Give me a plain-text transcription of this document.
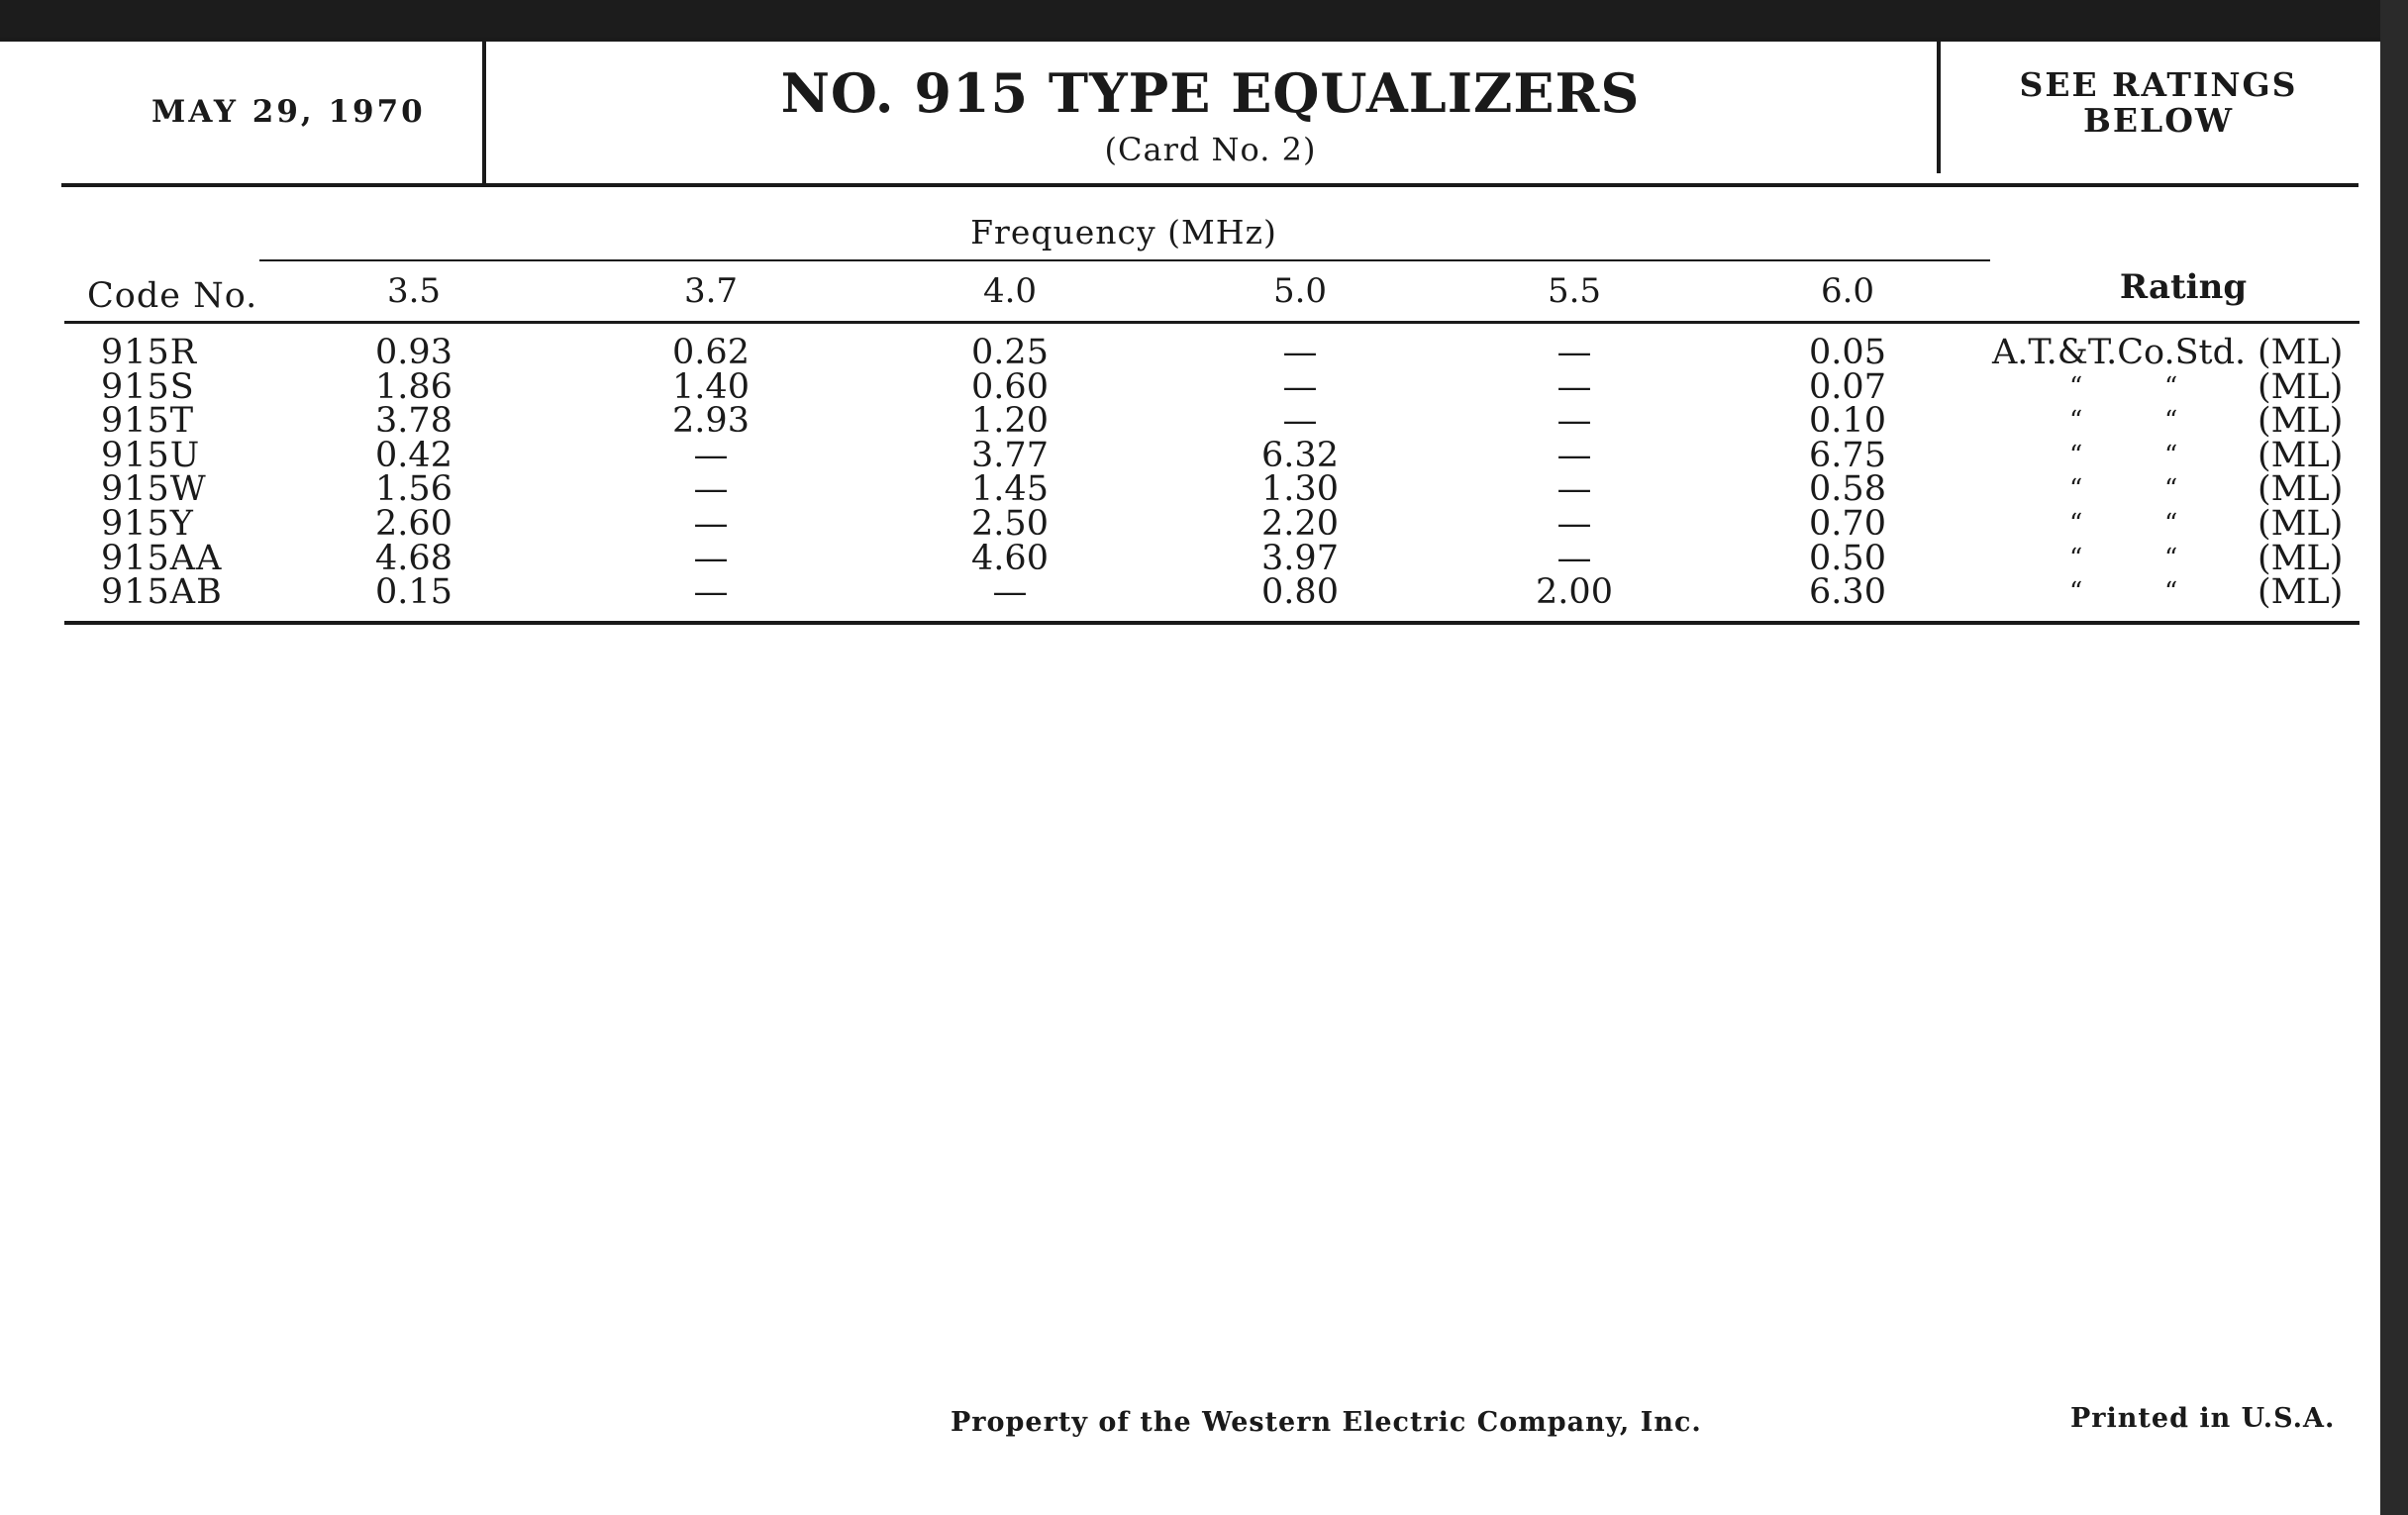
MAY 29, 1970	NO. 915 TYPE EQUALIZERS
(Card No. 2)
SEE RATINGS
BELOW
Frequency (MHz)
Code No.	Rating
3.5	3.7	4.0	5.0	5.5	6.0
915R	0.93	0.62	0.25	—	—	0.05	A.T.&T.Co.Std. (ML)
915S	1.86	1.40	0.60	—	—	0.07	“          “ (ML)
915T	3.78	2.93	1.20	—	—	0.10	“          “ (ML)
915U	0.42	—	3.77	6.32	—	6.75	“          “ (ML)
915W	1.56	—	1.45	1.30	—	0.58	“          “ (ML)
915Y	2.60	—	2.50	2.20	—	0.70	“          “ (ML)
915AA	4.68	—	4.60	3.97	—	0.50	“          “ (ML)
915AB	0.15	—	—	0.80	2.00	6.30	“          “ (ML)
Property of the Western Electric Company, Inc.	Printed in U.S.A.
